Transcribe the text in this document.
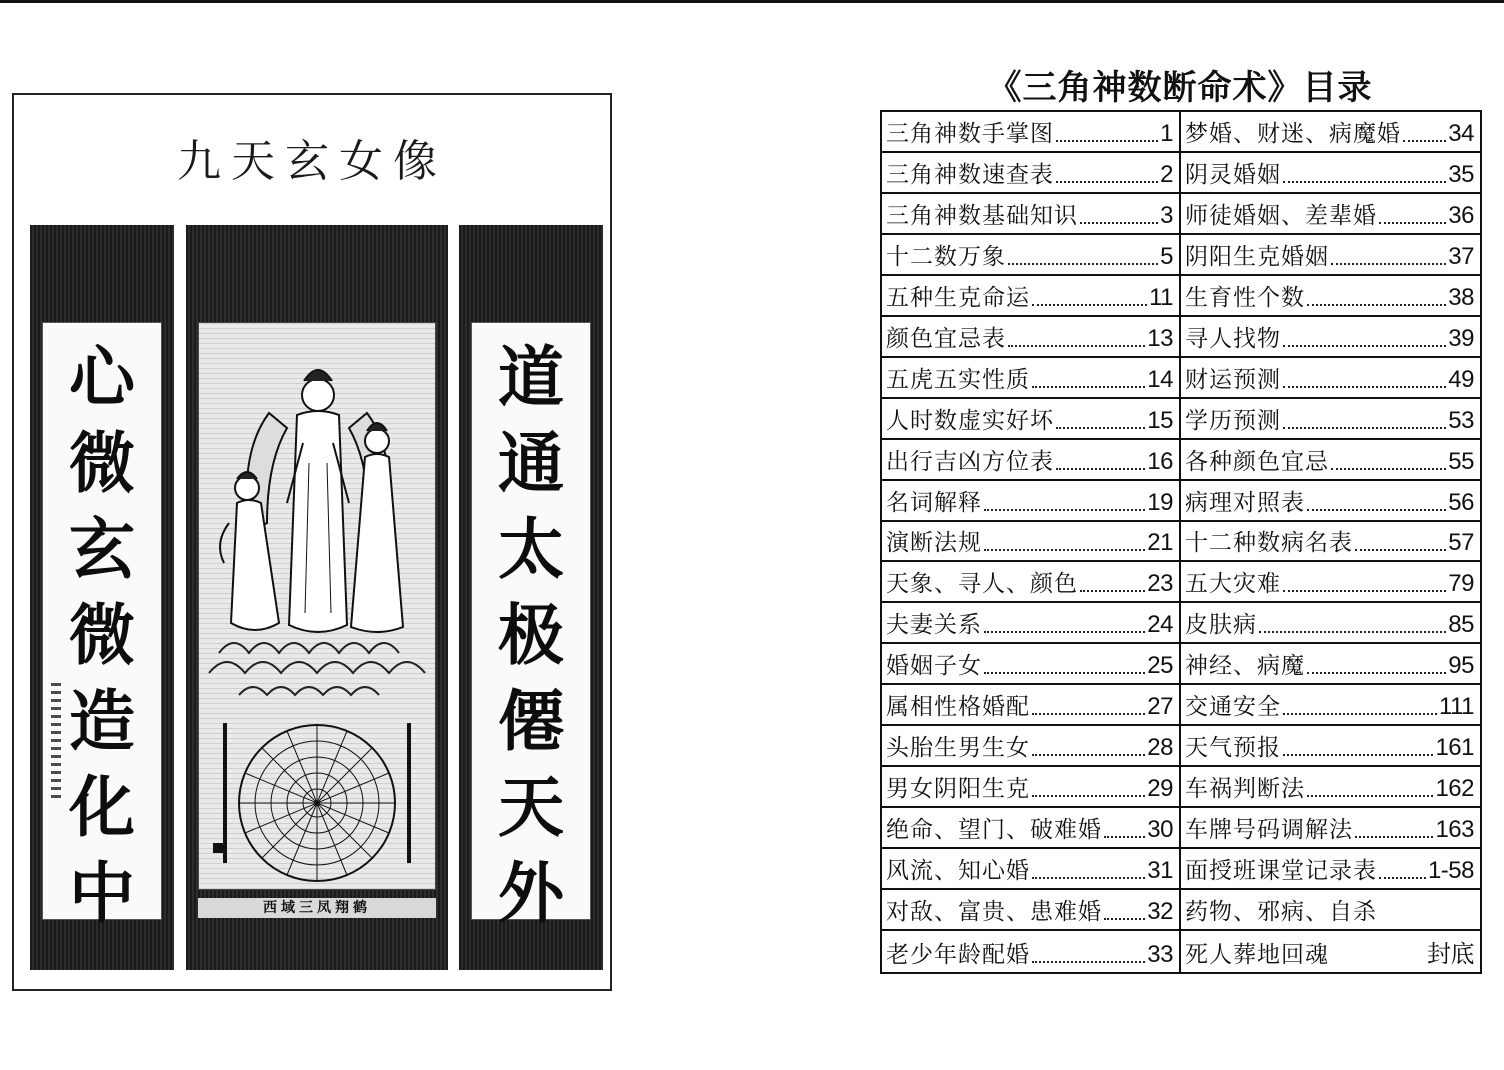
九天玄女像
心
微
玄
微
造
化
中	西域三凤翔鹤
道
通
太
极
僊
天
外
《三角神数断命术》目录
三角神数手掌图	1 梦婚、财迷、病魔婚 34
三角神数速查表	2 阴灵婚姻	35
三角神数基础知识	3 师徒婚姻、差辈婚	36
十二数万象	5 阴阳生克婚姻	37
五种生克命运	11 生育性个数	38
颜色宜忌表	13 寻人找物	39
五虎五实性质	14 财运预测	49
人时数虚实好坏	15 学历预测	53
出行吉凶方位表	16 各种颜色宜忌	55
名词解释	19 病理对照表	56
演断法规	21 十二种数病名表	57
天象、寻人、颜色	23 五大灾难	79
夫妻关系	24 皮肤病	85
婚姻子女	25 神经、病魔	95
属相性格婚配	27 交通安全	111
头胎生男生女	28 天气预报	161
男女阴阳生克	29 车祸判断法	162
绝命、望门、破难婚 30 车牌号码调解法	163
风流、知心婚	31 面授班课堂记录表 1-58
对敌、富贵、患难婚 32 药物、邪病、自杀
老少年龄配婚	33 死人葬地回魂	封底
